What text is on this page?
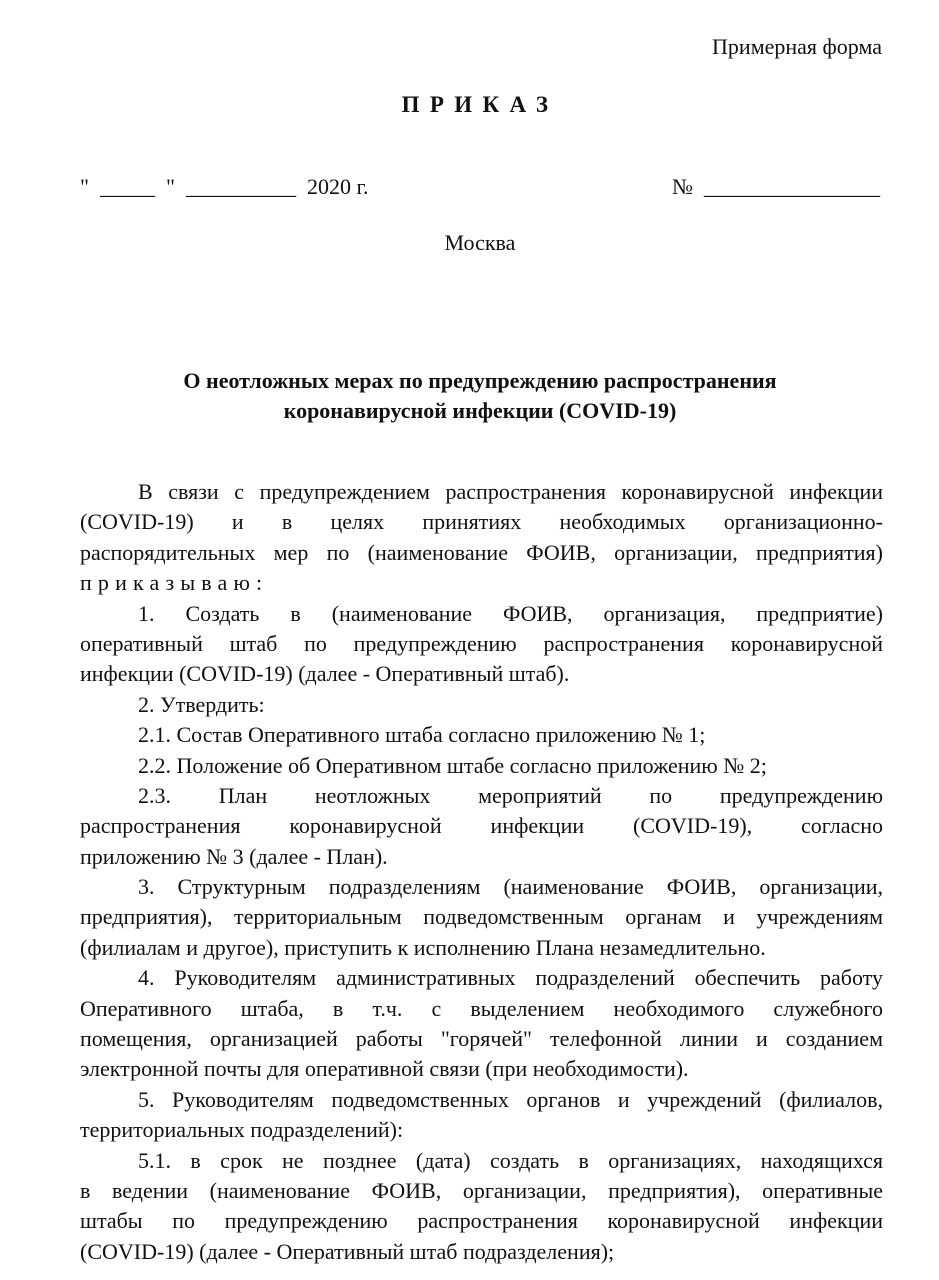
Примерная форма
ПРИКАЗ
"  _____  "  __________  2020 г.	№  ________________
Москва
О неотложных мерах по предупреждению распространения
коронавирусной инфекции (COVID-19)
В связи с предупреждением распространения коронавирусной инфекции
(COVID-19) и в целях принятиях необходимых организационно-
распорядительных мер по (наименование ФОИВ, организации, предприятия)
приказываю:
1. Создать в (наименование ФОИВ, организация, предприятие)
оперативный штаб по предупреждению распространения коронавирусной
инфекции (COVID-19) (далее - Оперативный штаб).
2. Утвердить:
2.1. Состав Оперативного штаба согласно приложению № 1;
2.2. Положение об Оперативном штабе согласно приложению № 2;
2.3. План неотложных мероприятий по предупреждению
распространения коронавирусной инфекции (COVID-19), согласно
приложению № 3 (далее - План).
3. Структурным подразделениям (наименование ФОИВ, организации,
предприятия), территориальным подведомственным органам и учреждениям
(филиалам и другое), приступить к исполнению Плана незамедлительно.
4. Руководителям административных подразделений обеспечить работу
Оперативного штаба, в т.ч. с выделением необходимого служебного
помещения, организацией работы "горячей" телефонной линии и созданием
электронной почты для оперативной связи (при необходимости).
5. Руководителям подведомственных органов и учреждений (филиалов,
территориальных подразделений):
5.1. в срок не позднее (дата) создать в организациях, находящихся
в ведении (наименование ФОИВ, организации, предприятия), оперативные
штабы по предупреждению распространения коронавирусной инфекции
(COVID-19) (далее - Оперативный штаб подразделения);
